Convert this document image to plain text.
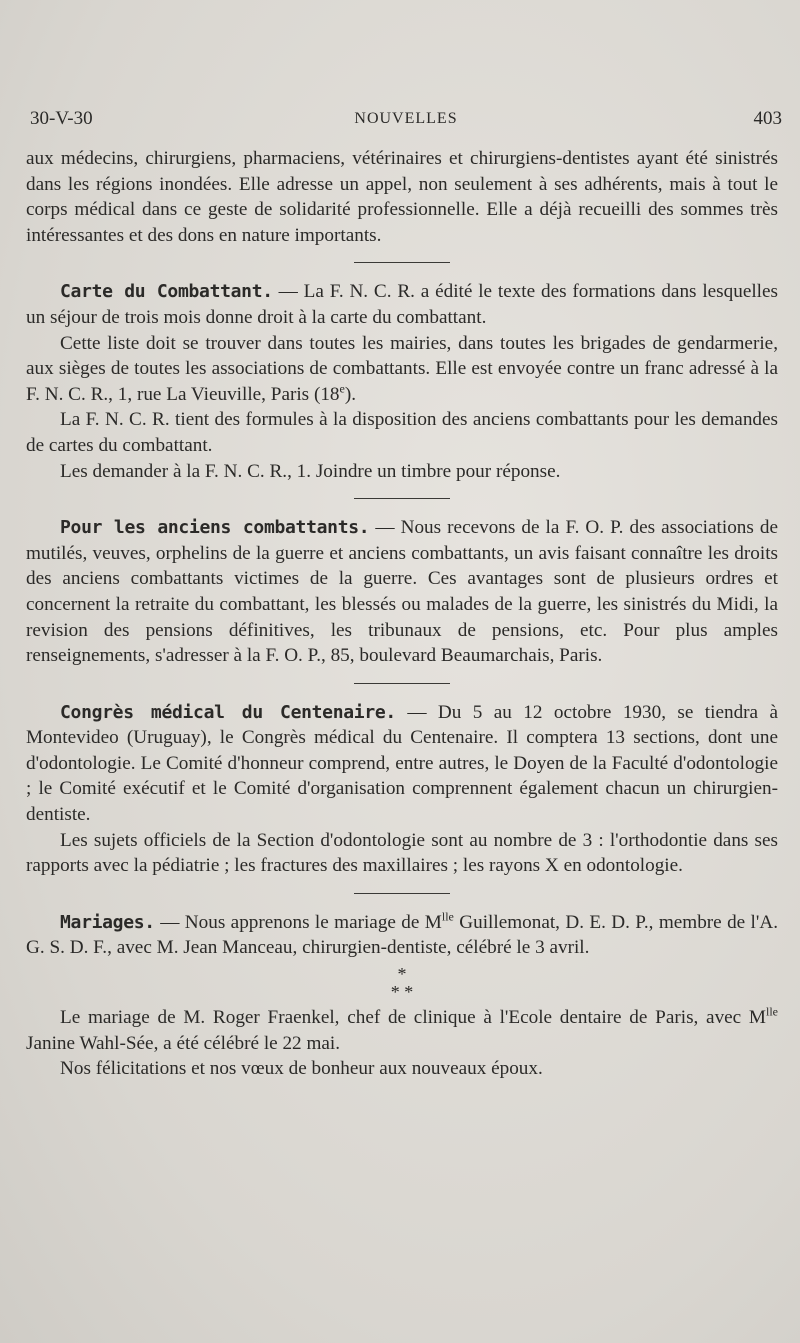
30-V-30	NOUVELLES	403

aux médecins, chirurgiens, pharmaciens, vétérinaires et chirurgiens-dentistes ayant été sinistrés dans les régions inondées. Elle adresse un appel, non seulement à ses adhérents, mais à tout le corps médical dans ce geste de solidarité professionnelle. Elle a déjà recueilli des sommes très intéressantes et des dons en nature importants.

Carte du Combattant. — La F. N. C. R. a édité le texte des formations dans lesquelles un séjour de trois mois donne droit à la carte du combattant.

Cette liste doit se trouver dans toutes les mairies, dans toutes les brigades de gendarmerie, aux sièges de toutes les associations de combattants. Elle est envoyée contre un franc adressé à la F. N. C. R., 1, rue La Vieuville, Paris (18e).

La F. N. C. R. tient des formules à la disposition des anciens combattants pour les demandes de cartes du combattant.

Les demander à la F. N. C. R., 1. Joindre un timbre pour réponse.

Pour les anciens combattants. — Nous recevons de la F. O. P. des associations de mutilés, veuves, orphelins de la guerre et anciens combattants, un avis faisant connaître les droits des anciens combattants victimes de la guerre. Ces avantages sont de plusieurs ordres et concernent la retraite du combattant, les blessés ou malades de la guerre, les sinistrés du Midi, la revision des pensions définitives, les tribunaux de pensions, etc. Pour plus amples renseignements, s'adresser à la F. O. P., 85, boulevard Beaumarchais, Paris.

Congrès médical du Centenaire. — Du 5 au 12 octobre 1930, se tiendra à Montevideo (Uruguay), le Congrès médical du Centenaire. Il comptera 13 sections, dont une d'odontologie. Le Comité d'honneur comprend, entre autres, le Doyen de la Faculté d'odontologie ; le Comité exécutif et le Comité d'organisation comprennent également chacun un chirurgien-dentiste.

Les sujets officiels de la Section d'odontologie sont au nombre de 3 : l'orthodontie dans ses rapports avec la pédiatrie ; les fractures des maxillaires ; les rayons X en odontologie.

Mariages. — Nous apprenons le mariage de $M^{lle}$ Guillemonat, D. E. D. P., membre de l'A. G. S. D. F., avec M. Jean Manceau, chirurgien-dentiste, célébré le 3 avril.

*
* *

Le mariage de M. Roger Fraenkel, chef de clinique à l'Ecole dentaire de Paris, avec $M^{lle}$ Janine Wahl-Sée, a été célébré le 22 mai.

Nos félicitations et nos vœux de bonheur aux nouveaux époux.
